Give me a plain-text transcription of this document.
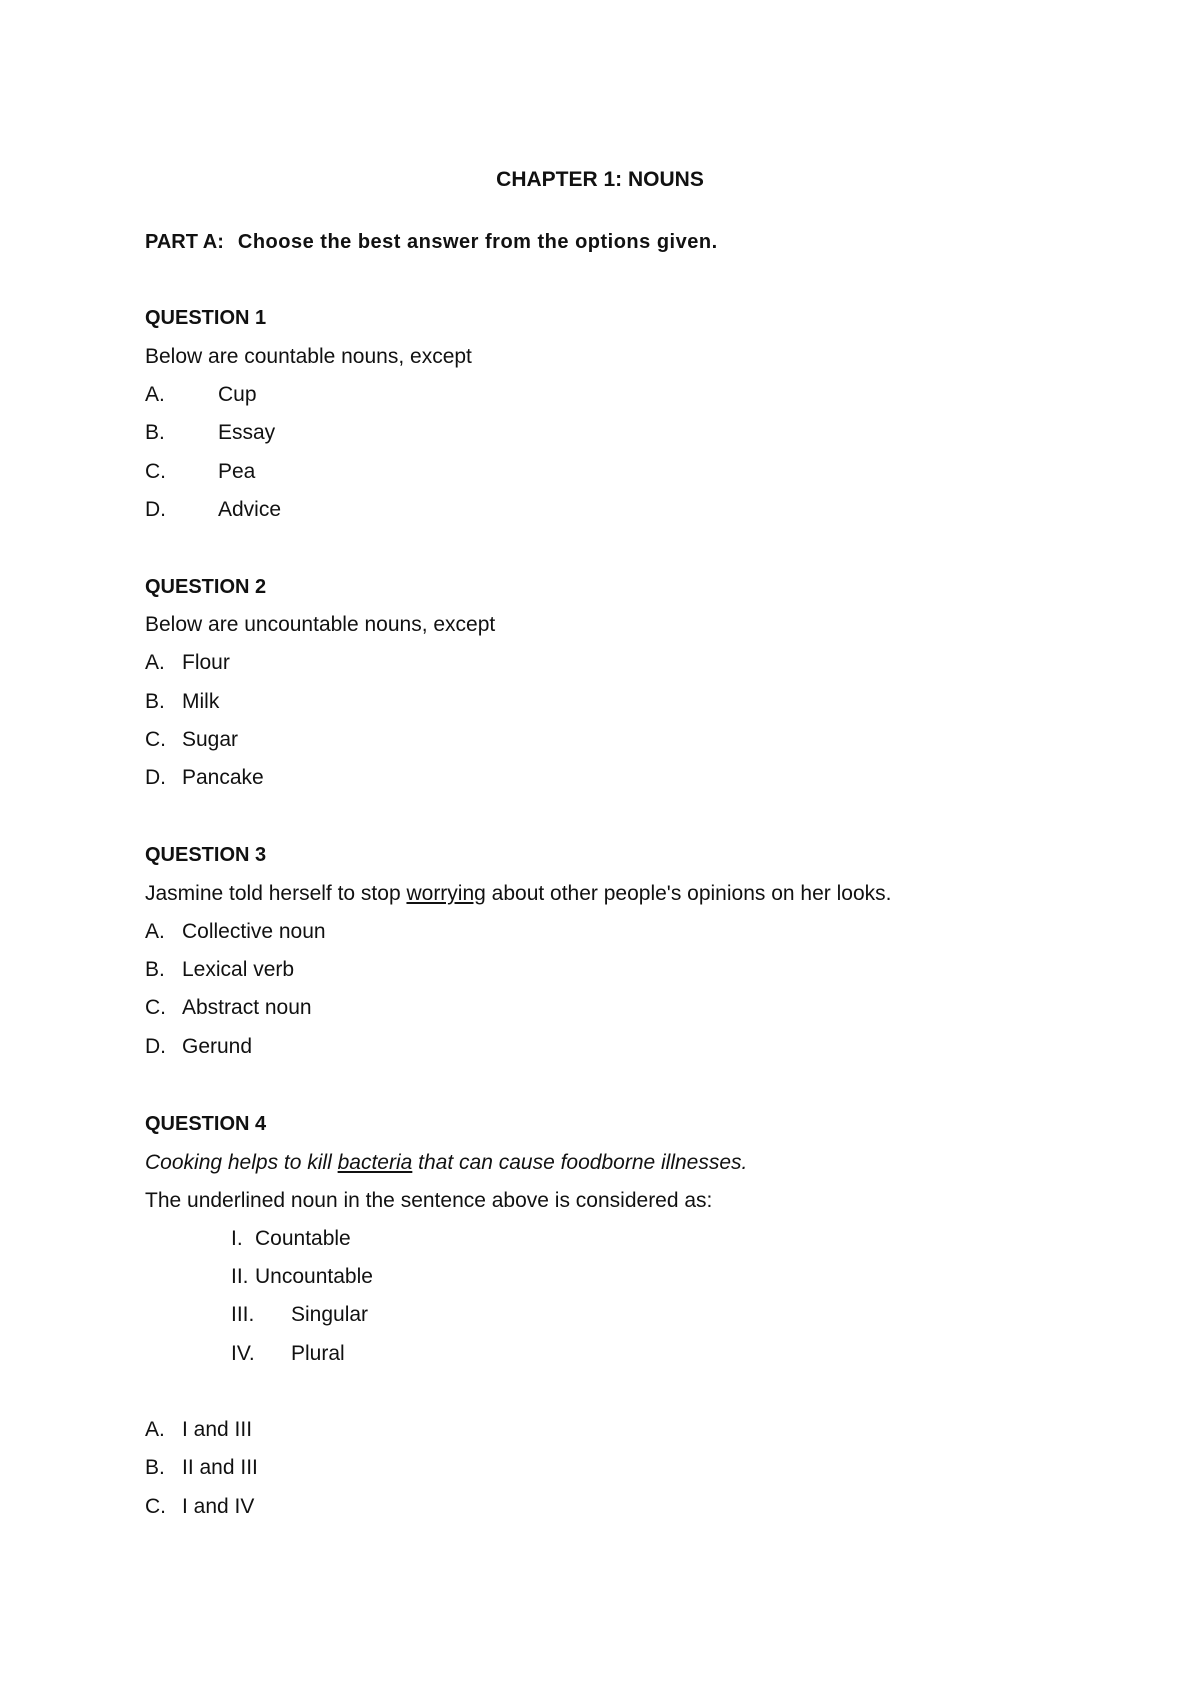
CHAPTER 1: NOUNS
PART A: Choose the best answer from the options given.
QUESTION 1
Below are countable nouns, except
A.	Cup
B.	Essay
C.	Pea
D.	Advice
QUESTION 2
Below are uncountable nouns, except
A. Flour
B. Milk
C. Sugar
D. Pancake
QUESTION 3
Jasmine told herself to stop worrying about other people's opinions on her looks.
A. Collective noun
B. Lexical verb
C. Abstract noun
D. Gerund
QUESTION 4
Cooking helps to kill bacteria that can cause foodborne illnesses.
The underlined noun in the sentence above is considered as:
I. Countable
II. Uncountable
III.	Singular
IV.	Plural
A. I and III
B. II and III
C. I and IV
